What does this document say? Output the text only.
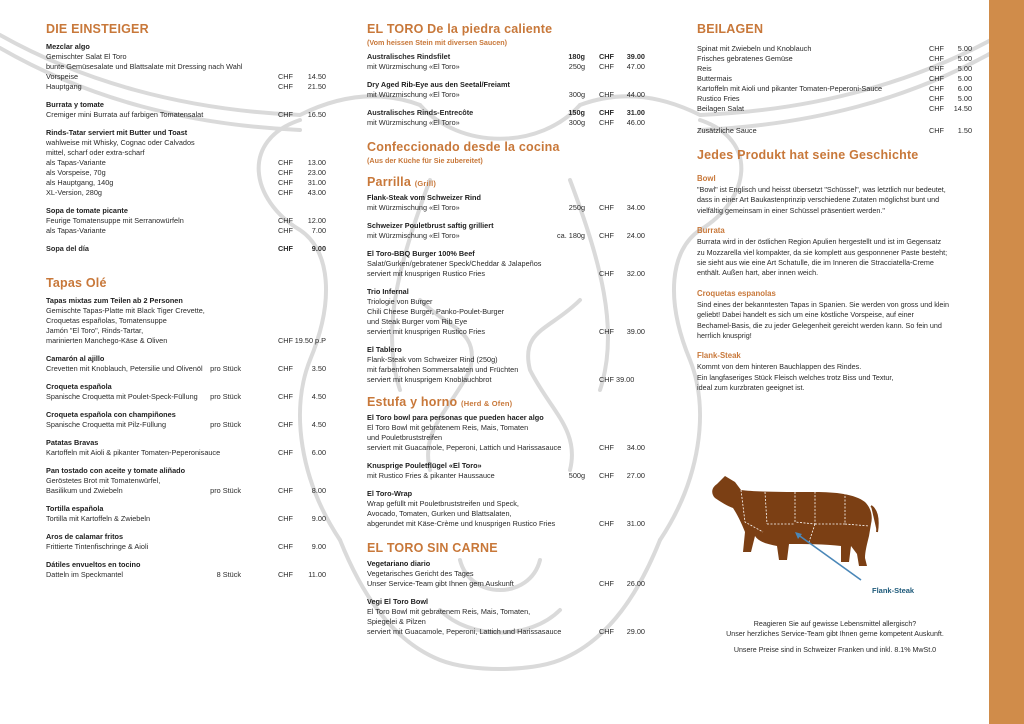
DIE EINSTEIGER
Mezclar algo
Gemischter Salat El Toro
bunte Gemüsesalate und Blattsalate mit Dressing nach Wahl
Vorspeise	CHF 14.50
Hauptgang	CHF 21.50
Burrata y tomate
Cremiger mini Burrata auf farbigen Tomatensalat	CHF 16.50
Rinds-Tatar serviert mit Butter und Toast
wahlweise mit Whisky, Cognac oder Calvados
mittel, scharf oder extra-scharf
als Tapas-Variante	CHF 13.00
als Vorspeise, 70g	CHF 23.00
als Hauptgang, 140g	CHF 31.00
XL-Version, 280g	CHF 43.00
Sopa de tomate picante
Feurige Tomatensuppe mit Serranowürfeln	CHF 12.00
als Tapas-Variante	CHF	7.00
Sopa del día	CHF	9.00
Tapas Olé
Tapas mixtas zum Teilen ab 2 Personen
Gemischte Tapas-Platte mit Black Tiger Crevette,
Croquetas españolas, Tomatensuppe
Jamón "El Toro", Rinds-Tartar,
marinierten Manchego-Käse & Oliven	CHF 19.50 p.P
Camarón al ajillo
Crevetten mit Knoblauch, Petersilie und Olivenöl pro Stück	CHF	3.50
Croqueta española
Spanische Croquetta mit Poulet-Speck-Füllung pro Stück	CHF	4.50
Croqueta española con champiñones
Spanische Croquetta mit Pilz-Füllung	pro Stück	CHF	4.50
Patatas Bravas
Kartoffeln mit Aioli & pikanter Tomaten-Peperonisauce	CHF	6.00
Pan tostado con aceite y tomate aliñado
Geröstetes Brot mit Tomatenwürfel,
Basilikum und Zwiebeln	pro Stück	CHF	8.00
Tortilla española
Tortilla mit Kartoffeln & Zwiebeln	CHF	9.00
Aros de calamar fritos
Frittierte Tintenfischringe & Aioli	CHF	9.00
Dátiles envueltos en tocino
Datteln im Speckmantel	8 Stück	CHF 11.00
EL TORO De la piedra caliente
(Vom heissen Stein mit diversen Saucen)
Australisches Rindsfilet	180g CHF 39.00
mit Würzmischung «El Toro»	250g CHF 47.00
Dry Aged Rib-Eye aus den Seetal/Freiamt
mit Würzmischung «El Toro»	300g CHF 44.00
Australisches Rinds-Entrecôte	150g CHF 31.00
mit Würzmischung «El Toro»	300g CHF 46.00
Confeccionado desde la cocina
(Aus der Küche für Sie zubereitet)
Parrilla (Grill)
Flank-Steak vom Schweizer Rind
mit Würzmischung «El Toro»	250g CHF 34.00
Schweizer Pouletbrust saftig grilliert
mit Würzmischung «El Toro»	ca. 180g CHF 24.00
El Toro-BBQ Burger 100% Beef
Salat/Gurken/gebratener Speck/Cheddar & Jalapeños
serviert mit knusprigen Rustico Fries	CHF 32.00
Trio Infernal
Triologie von Burger
Chili Cheese Burger, Panko-Poulet-Burger
und Steak Burger vom Rib Eye
serviert mit knusprigen Rustico Fries	CHF 39.00
El Tablero
Flank-Steak vom Schweizer Rind (250g)
mit farbenfrohen Sommersalaten und Früchten
serviert mit knusprigem Knoblauchbrot	CHF 39.00
Estufa y horno (Herd & Ofen)
El Toro bowl para personas que pueden hacer algo
El Toro Bowl mit gebratenem Reis, Mais, Tomaten
und Pouletbruststreifen
serviert mit Guacamole, Peperoni, Lattich und Harissasauce	CHF 34.00
Knusprige Pouletflügel «El Toro»
mit Rustico Fries & pikanter Haussauce	500g CHF 27.00
El Toro-Wrap
Wrap gefüllt mit Pouletbruststreifen und Speck,
Avocado, Tomaten, Gurken und Blattsalaten,
abgerundet mit Käse-Crème und knusprigen Rustico Fries	CHF 31.00
EL TORO SIN CARNE
Vegetariano diario
Vegetarisches Gericht des Tages
Unser Service-Team gibt Ihnen gern Auskunft	CHF 26.00
Vegi El Toro Bowl
El Toro Bowl mit gebratenem Reis, Mais, Tomaten,
Spiegelei & Pilzen
serviert mit Guacamole, Peperoni, Lattich und Harissasauce	CHF 29.00
BEILAGEN
Spinat mit Zwiebeln und Knoblauch	CHF 5.00
Frisches gebratenes Gemüse	CHF 5.00
Reis	CHF 5.00
Buttermais	CHF 5.00
Kartoffeln mit Aioli und pikanter Tomaten-Peperoni-Sauce	CHF 6.00
Rustico Fries	CHF 5.00
Beilagen Salat	CHF 14.50
Zusätzliche Sauce	CHF 1.50
Jedes Produkt hat seine Geschichte
Bowl
"Bowl" ist Englisch und heisst übersetzt "Schüssel", was letztlich nur bedeutet,
dass in einer Art Baukastenprinzip verschiedene Zutaten möglichst bunt und
vielfältig gemeinsam in einer Schüssel präsentiert werden."
Burrata
Burrata wird in der östlichen Region Apulien hergestellt und ist im Gegensatz
zu Mozzarella viel kompakter, da sie komplett aus gesponnener Paste besteht;
sie sieht aus wie eine Art Schatulle, die im Inneren die Stracciatella-Creme
enthält. Außen hart, aber innen weich.
Croquetas espanolas
Sind eines der bekanntesten Tapas in Spanien. Sie werden von gross und klein
geliebt! Dabei handelt es sich um eine köstliche Vorspeise, auf einer
Bechamel-Basis, die zu jeder Gelegenheit gereicht werden kann. So fein und
herrlich knusprig!
Flank-Steak
Kommt von dem hinteren Bauchlappen des Rindes.
Ein langfaseriges Stück Fleisch welches trotz Biss und Textur,
ideal zum kurzbraten geeignet ist.
Flank-Steak
Reagieren Sie auf gewisse Lebensmittel allergisch?
Unser herzliches Service-Team gibt Ihnen gerne kompetent Auskunft.
Unsere Preise sind in Schweizer Franken und inkl. 8.1% MwSt.0
